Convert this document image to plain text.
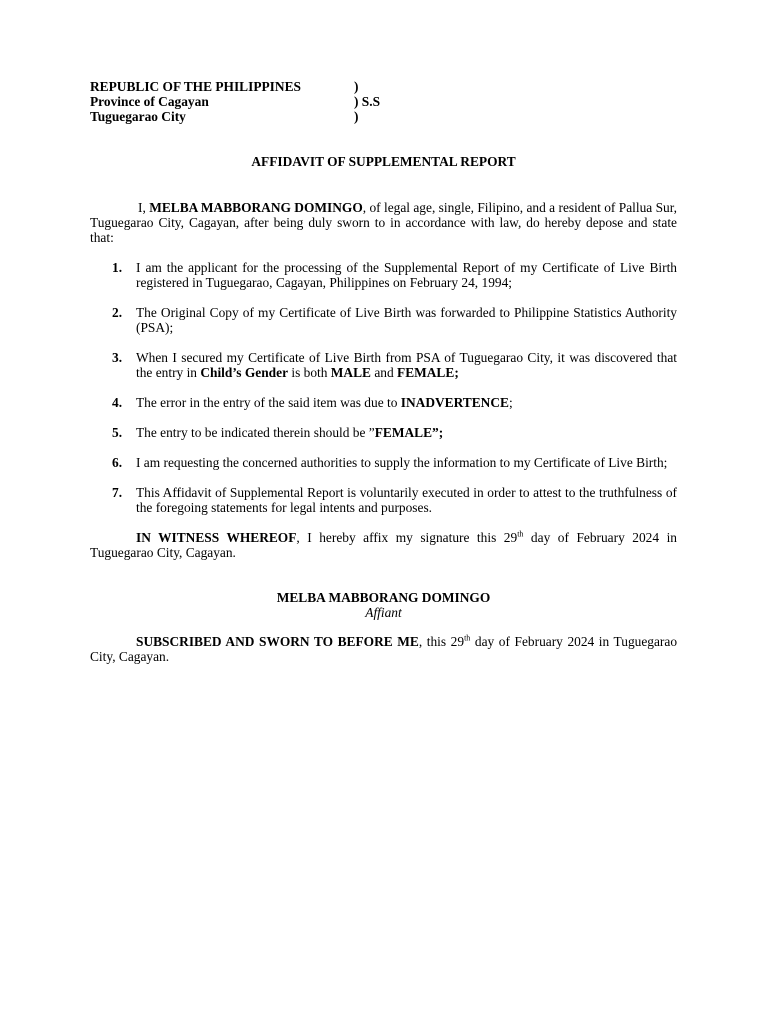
REPUBLIC OF THE PHILIPPINES	)
Province of Cagayan	) S.S
Tuguegarao City	)
AFFIDAVIT OF SUPPLEMENTAL REPORT

I, MELBA MABBORANG DOMINGO, of legal age, single, Filipino, and a resident of Pallua Sur, Tuguegarao City, Cagayan, after being duly sworn to in accordance with law, do hereby depose and state that:

1. I am the applicant for the processing of the Supplemental Report of my Certificate of Live Birth registered in Tuguegarao, Cagayan, Philippines on February 24, 1994;
2. The Original Copy of my Certificate of Live Birth was forwarded to Philippine Statistics Authority (PSA);
3. When I secured my Certificate of Live Birth from PSA of Tuguegarao City, it was discovered that the entry in Child’s Gender is both MALE and FEMALE;
4. The error in the entry of the said item was due to INADVERTENCE;
5. The entry to be indicated therein should be ”FEMALE”;
6. I am requesting the concerned authorities to supply the information to my Certificate of Live Birth;
7. This Affidavit of Supplemental Report is voluntarily executed in order to attest to the truthfulness of the foregoing statements for legal intents and purposes.

IN WITNESS WHEREOF, I hereby affix my signature this 29th day of February 2024 in Tuguegarao City, Cagayan.

MELBA MABBORANG DOMINGO
Affiant

SUBSCRIBED AND SWORN TO BEFORE ME, this 29th day of February 2024 in Tuguegarao City, Cagayan.
